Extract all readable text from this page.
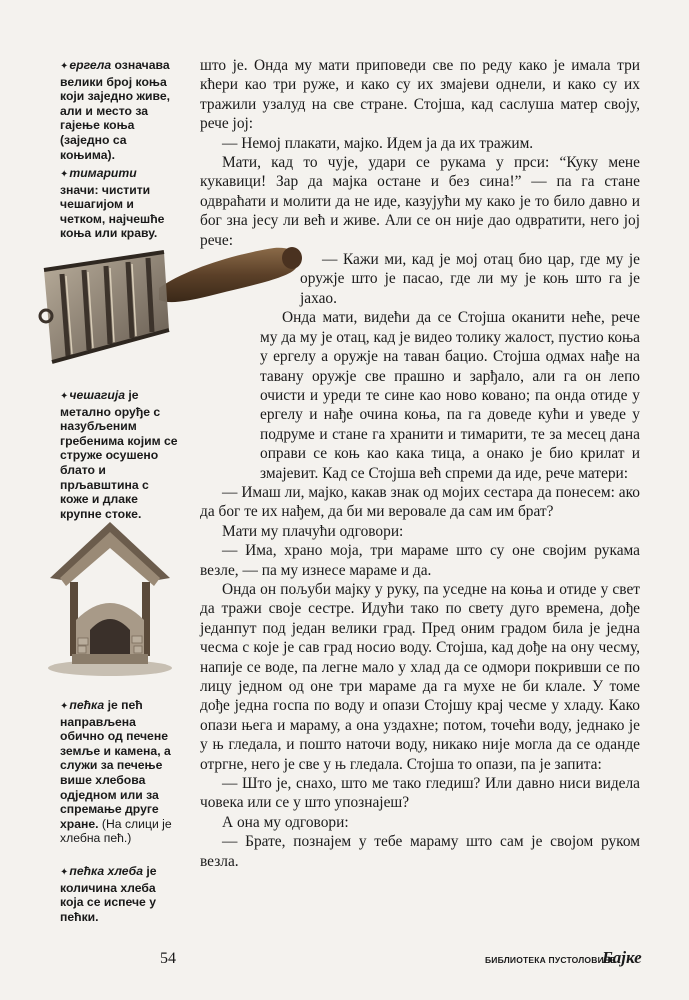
✦ергела означава велики број коња који заједно живе, али и место за гајење коња (заједно са коњима).
✦тимарити значи: чистити чешагијом и четком, најчешће коња или краву.
✦чешагија је метално оруђе с назубљеним гребенима којим се струже осушено блато и прљавштина с коже и длаке крупне стоке.
✦пећка је пећ направљена обично од печене земље и камена, а служи за печење више хлебова одједном или за спремање друге хране. (На слици је хлебна пећ.)
✦пећка хлеба је количина хлеба која се испече у пећки.

што је. Онда му мати приповеди све по реду како је имала три кћери као три руже, и како су их змајеви однели, и како су их тражили узалуд на све стране. Стојша, кад саслуша матер своју, рече јој:

— Немој плакати, мајко. Идем ја да их тражим.

Мати, кад то чује, удари се рукама у прси: “Куку мене кукавици! Зар да мајка остане и без сина!” — па га стане одвраћати и молити да не иде, казујући му како је то било давно и бог зна јесу ли већ и живе. Али се он није дао одвратити, него јој рече:

— Кажи ми, кад је мој отац био цар, где му је оружје што је пасао, где ли му је коњ што га је јахао.

Онда мати, видећи да се Стојша оканити неће, рече му да му је отац, кад је видео толику жалост, пустио коња у ергелу а оружје на таван бацио. Стојша одмах нађе на тавану оружје све прашно и зарђало, али га он лепо очисти и уреди те сине као ново ковано; па онда отиде у ергелу и нађе очина коња, па га доведе кући и уведе у подруме и стане га хранити и тимарити, те за месец дана оправи се коњ као кака тица, а онако је био крилат и змајевит. Кад се Стојша већ спреми да иде, рече матери:

— Имаш ли, мајко, какав знак од мојих сестара да понесем: ако да бог те их нађем, да би ми веровале да сам им брат?

Мати му плачући одговори:

— Има, храно моја, три мараме што су оне својим рукама везле, — па му изнесе мараме и да.

Онда он пољуби мајку у руку, па уседне на коња и отиде у свет да тражи своје сестре. Идући тако по свету дуго времена, дође једанпут под један велики град. Пред оним градом била је једна чесма с које је сав град носио воду. Стојша, кад дође на ону чесму, напије се воде, па легне мало у хлад да се одмори покривши се по лицу једном од оне три мараме да га мухе не би клале. У томе дође једна госпа по воду и опази Стојшу крај чесме у хладу. Како опази њега и мараму, а она уздахне; потом, точећи воду, једнако је у њ гледала, и пошто наточи воду, никако није могла да се оданде отргне, него је све у њ гледала. Стојша то опази, па је запита:

— Што је, снахо, што ме тако гледиш? Или давно ниси видела човека или се у што упознајеш?

А она му одговори:

— Брате, познајем у тебе мараму што сам је својом руком везла.

54	БИБЛИОТЕКА ПУСТОЛОВИНЕ
Бајке
